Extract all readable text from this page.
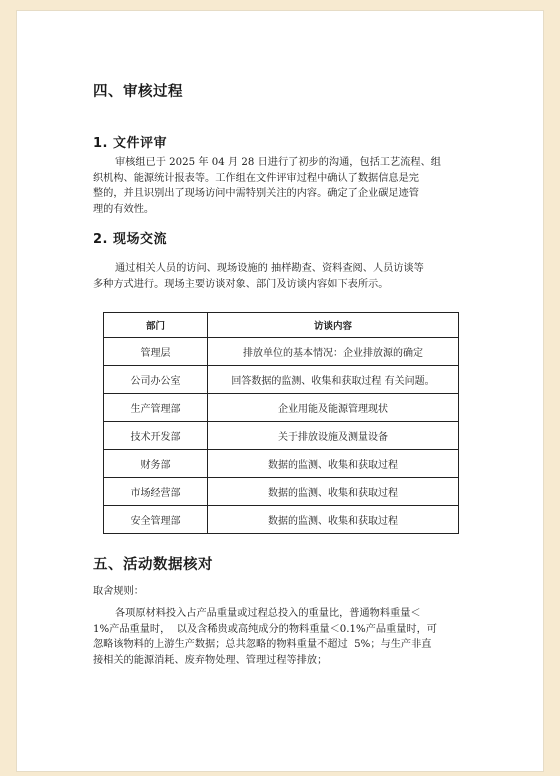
四、审核过程
1. 文件评审
审核组已于 2025 年 04 月 28 日进行了初步的沟通，包括工艺流程、组
织机构、能源统计报表等。工作组在文件评审过程中确认了数据信息是完
整的，并且识别出了现场访问中需特别关注的内容。确定了企业碳足迹管
理的有效性。
2. 现场交流
通过相关人员的访问、现场设施的 抽样勘查、资料查阅、人员访谈等
多种方式进行。现场主要访谈对象、部门及访谈内容如下表所示。
部门	访谈内容
管理层	排放单位的基本情况：企业排放源的确定
公司办公室	回答数据的监测、收集和获取过程 有关问题。
生产管理部	企业用能及能源管理现状
技术开发部	关于排放设施及测量设备
财务部	数据的监测、收集和获取过程
市场经营部	数据的监测、收集和获取过程
安全管理部	数据的监测、收集和获取过程
五、活动数据核对
取舍规则：
各项原材料投入占产品重量或过程总投入的重量比，普通物料重量＜
1%产品重量时，  以及含稀贵或高纯成分的物料重量＜0.1%产品重量时，可
忽略该物料的上游生产数据；总共忽略的物料重量不超过  5%；与生产非直
接相关的能源消耗、废弃物处理、管理过程等排放；
